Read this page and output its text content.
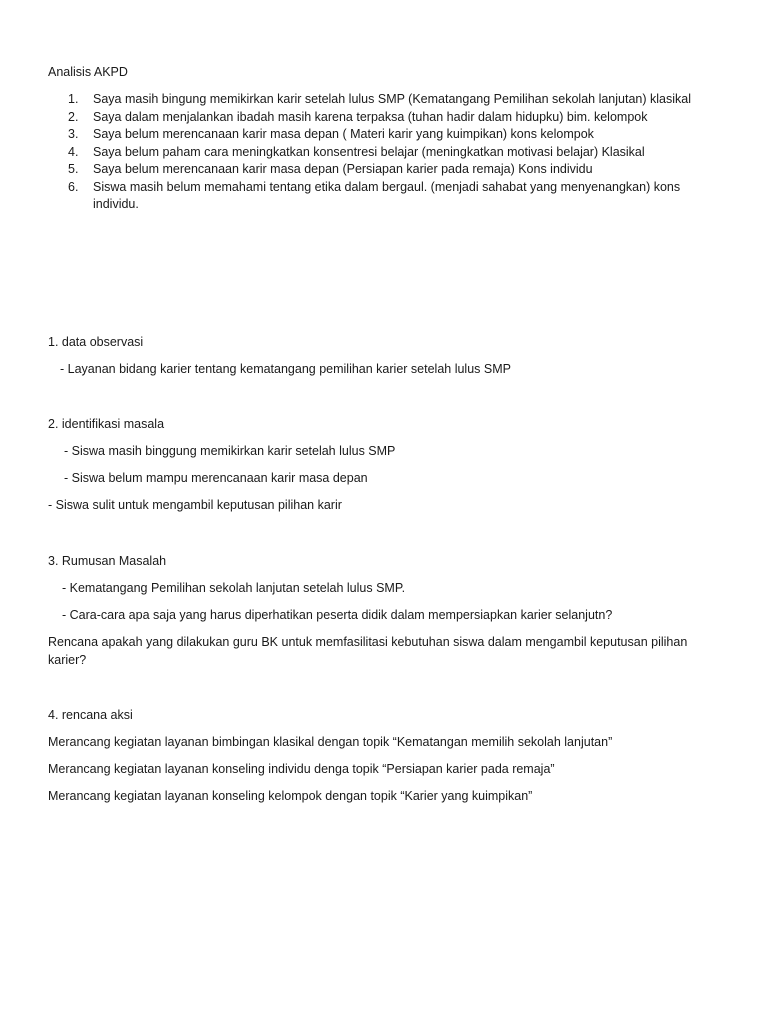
Analisis AKPD
1. Saya masih bingung memikirkan karir setelah lulus SMP (Kematangang Pemilihan sekolah lanjutan) klasikal
2. Saya dalam menjalankan ibadah masih karena terpaksa (tuhan hadir dalam hidupku) bim. kelompok
3. Saya belum merencanaan karir masa depan ( Materi karir yang kuimpikan) kons kelompok
4. Saya belum paham cara meningkatkan konsentresi belajar (meningkatkan motivasi belajar) Klasikal
5. Saya belum merencanaan karir masa depan (Persiapan karier pada remaja) Kons individu
6. Siswa masih belum memahami tentang etika dalam bergaul. (menjadi sahabat yang menyenangkan) kons individu.
1. data observasi
- Layanan bidang karier tentang kematangang pemilihan karier setelah lulus SMP
2. identifikasi masala
- Siswa masih binggung memikirkan karir setelah lulus SMP
- Siswa belum mampu merencanaan karir masa depan
- Siswa sulit untuk mengambil keputusan pilihan karir
3. Rumusan Masalah
- Kematangang Pemilihan sekolah lanjutan setelah lulus SMP.
- Cara-cara apa saja yang harus diperhatikan peserta didik dalam mempersiapkan karier selanjutn?
Rencana apakah yang dilakukan guru BK untuk memfasilitasi kebutuhan siswa dalam mengambil keputusan pilihan karier?
4. rencana aksi
Merancang kegiatan layanan bimbingan klasikal dengan topik “Kematangan memilih sekolah lanjutan”
Merancang kegiatan layanan konseling individu denga topik “Persiapan karier pada remaja”
Merancang kegiatan layanan konseling kelompok dengan topik “Karier yang kuimpikan”
